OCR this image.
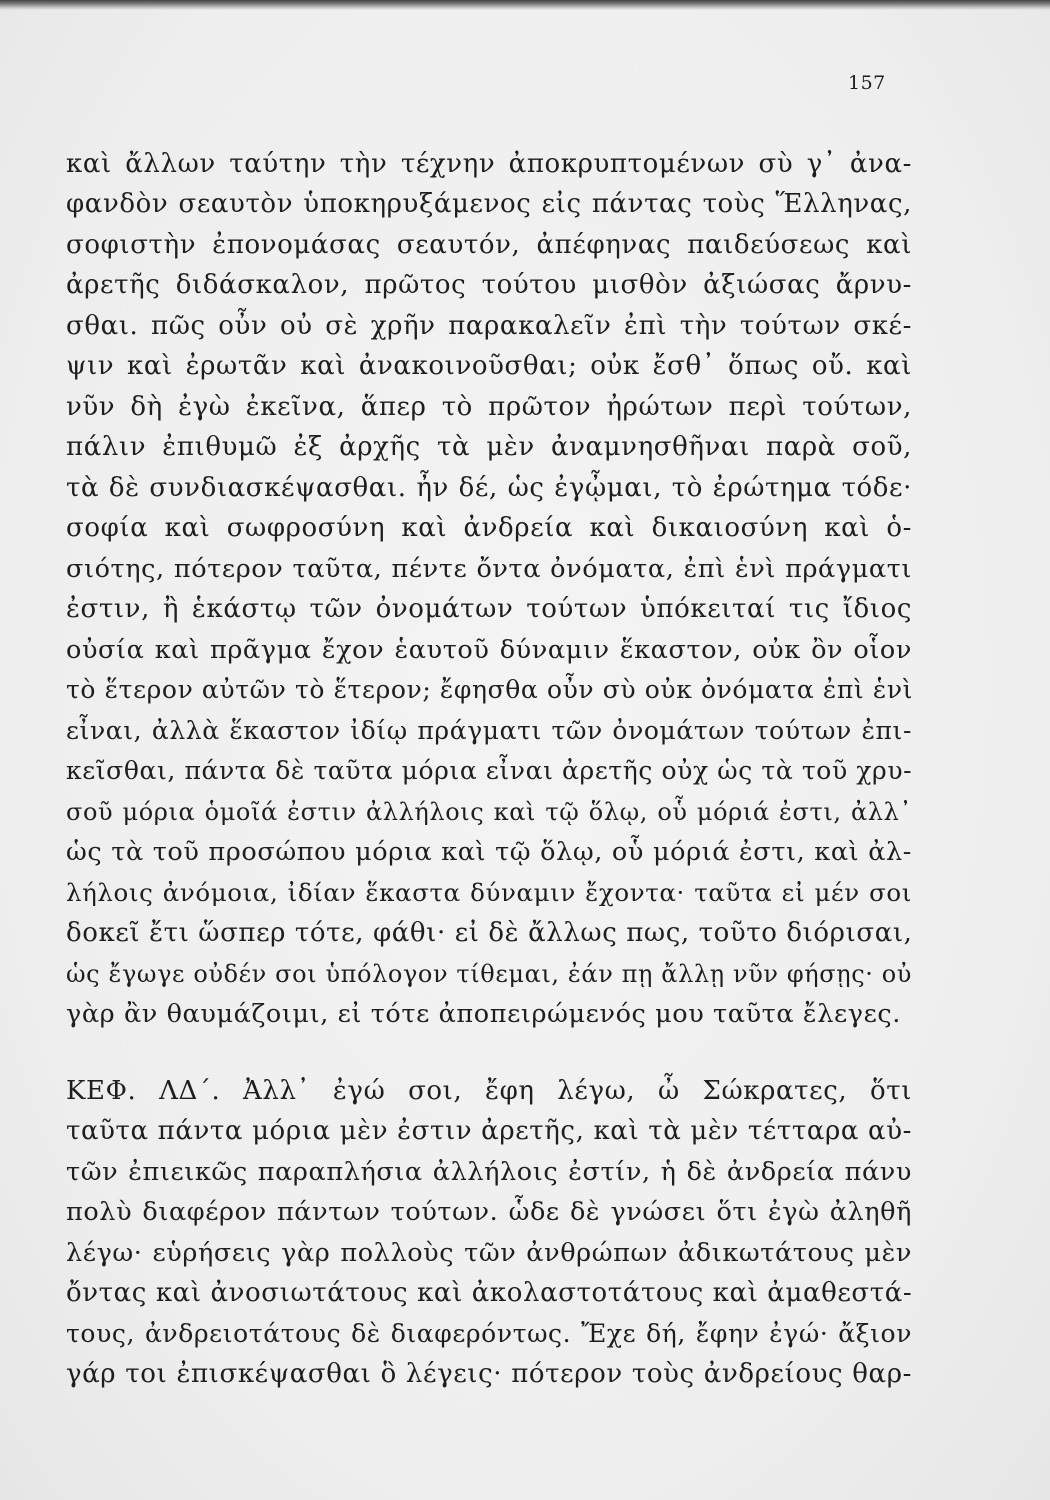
157
καὶ ἄλλων ταύτην τὴν τέχνην ἀποκρυπτομένων σὺ γ᾽ ἀνα-
φανδὸν σεαυτὸν ὑποκηρυξάμενος εἰς πάντας τοὺς Ἕλληνας,
σοφιστὴν ἐπονομάσας σεαυτόν, ἀπέφηνας παιδεύσεως καὶ
ἀρετῆς διδάσκαλον, πρῶτος τούτου μισθὸν ἀξιώσας ἄρνυ-
σθαι. πῶς οὖν οὐ σὲ χρῆν παρακαλεῖν ἐπὶ τὴν τούτων σκέ-
ψιν καὶ ἐρωτᾶν καὶ ἀνακοινοῦσθαι; οὐκ ἔσθ᾽ ὅπως οὔ. καὶ
νῦν δὴ ἐγὼ ἐκεῖνα, ἅπερ τὸ πρῶτον ἠρώτων περὶ τούτων,
πάλιν ἐπιθυμῶ ἐξ ἀρχῆς τὰ μὲν ἀναμνησθῆναι παρὰ σοῦ,
τὰ δὲ συνδιασκέψασθαι. ἦν δέ, ὡς ἐγᾦμαι, τὸ ἐρώτημα τόδε·
σοφία καὶ σωφροσύνη καὶ ἀνδρεία καὶ δικαιοσύνη καὶ ὁ-
σιότης, πότερον ταῦτα, πέντε ὄντα ὀνόματα, ἐπὶ ἑνὶ πράγματι
ἐστιν, ἢ ἑκάστῳ τῶν ὀνομάτων τούτων ὑπόκειταί τις ἴδιος
οὐσία καὶ πρᾶγμα ἔχον ἑαυτοῦ δύναμιν ἕκαστον, οὐκ ὂν οἷον
τὸ ἕτερον αὐτῶν τὸ ἕτερον; ἔφησθα οὖν σὺ οὐκ ὀνόματα ἐπὶ ἑνὶ
εἶναι, ἀλλὰ ἕκαστον ἰδίῳ πράγματι τῶν ὀνομάτων τούτων ἐπι-
κεῖσθαι, πάντα δὲ ταῦτα μόρια εἶναι ἀρετῆς οὐχ ὡς τὰ τοῦ χρυ-
σοῦ μόρια ὁμοῖά ἐστιν ἀλλήλοις καὶ τῷ ὅλῳ, οὗ μόριά ἐστι, ἀλλ᾽
ὡς τὰ τοῦ προσώπου μόρια καὶ τῷ ὅλῳ, οὗ μόριά ἐστι, καὶ ἀλ-
λήλοις ἀνόμοια, ἰδίαν ἕκαστα δύναμιν ἔχοντα· ταῦτα εἰ μέν σοι
δοκεῖ ἔτι ὥσπερ τότε, φάθι· εἰ δὲ ἄλλως πως, τοῦτο διόρισαι,
ὡς ἔγωγε οὐδέν σοι ὑπόλογον τίθεμαι, ἐάν πῃ ἄλλῃ νῦν φήσῃς· οὐ
γὰρ ἂν θαυμάζοιμι, εἰ τότε ἀποπειρώμενός μου ταῦτα ἔλεγες.
ΚΕΦ. ΛΔ΄. Ἀλλ᾽ ἐγώ σοι, ἔφη λέγω, ὦ Σώκρατες, ὅτι
ταῦτα πάντα μόρια μὲν ἐστιν ἀρετῆς, καὶ τὰ μὲν τέτταρα αὐ-
τῶν ἐπιεικῶς παραπλήσια ἀλλήλοις ἐστίν, ἡ δὲ ἀνδρεία πάνυ
πολὺ διαφέρον πάντων τούτων. ὧδε δὲ γνώσει ὅτι ἐγὼ ἀληθῆ
λέγω· εὑρήσεις γὰρ πολλοὺς τῶν ἀνθρώπων ἀδικωτάτους μὲν
ὄντας καὶ ἀνοσιωτάτους καὶ ἀκολαστοτάτους καὶ ἀμαθεστά-
τους, ἀνδρειοτάτους δὲ διαφερόντως. Ἔχε δή, ἔφην ἐγώ· ἄξιον
γάρ τοι ἐπισκέψασθαι ὃ λέγεις· πότερον τοὺς ἀνδρείους θαρ-
